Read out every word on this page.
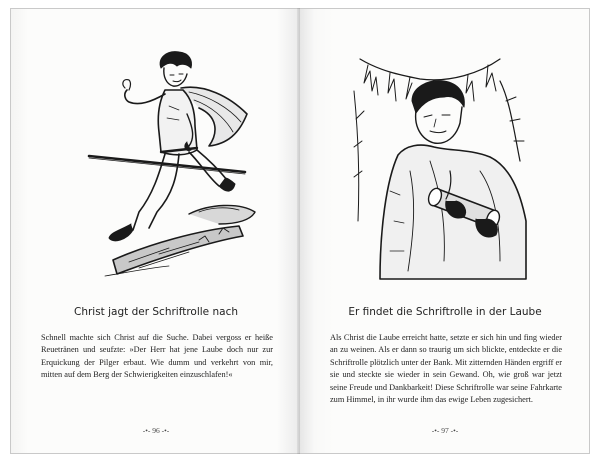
Christ jagt der Schriftrolle nach
Schnell machte sich Christ auf die Suche. Dabei vergoss er heiße Reuetränen und seufzte: »Der Herr hat jene Laube doch nur zur Erquickung der Pilger erbaut. Wie dumm und verkehrt von mir, mitten auf dem Berg der Schwierigkeiten einzuschlafen!«
-•- 96 -•-
Er findet die Schriftrolle in der Laube
Als Christ die Laube erreicht hatte, setzte er sich hin und fing wieder an zu weinen. Als er dann so traurig um sich blickte, entdeckte er die Schriftrolle plötzlich unter der Bank. Mit zitternden Händen ergriff er sie und steckte sie wieder in sein Gewand. Oh, wie groß war jetzt seine Freude und Dankbarkeit! Diese Schriftrolle war seine Fahrkarte zum Himmel, in ihr wurde ihm das ewige Leben zugesichert.
-•- 97 -•-
